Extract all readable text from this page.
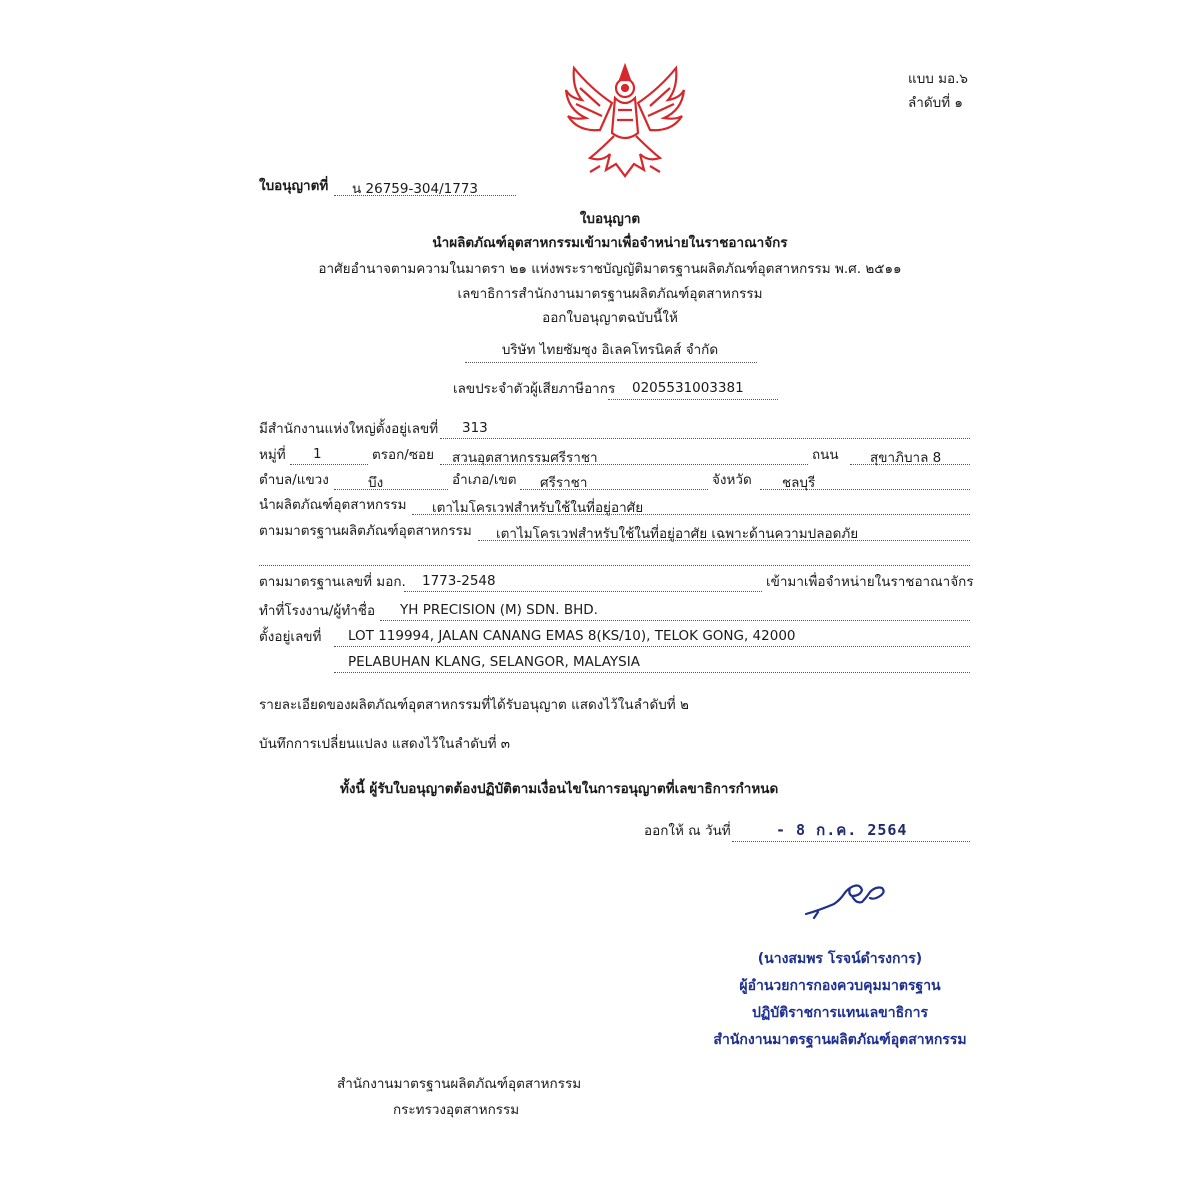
แบบ มอ.๖
ลำดับที่ ๑
ใบอนุญาตที่ น 26759-304/1773
ใบอนุญาต
นำผลิตภัณฑ์อุตสาหกรรมเข้ามาเพื่อจำหน่ายในราชอาณาจักร
อาศัยอำนาจตามความในมาตรา ๒๑ แห่งพระราชบัญญัติมาตรฐานผลิตภัณฑ์อุตสาหกรรม พ.ศ. ๒๕๑๑
เลขาธิการสำนักงานมาตรฐานผลิตภัณฑ์อุตสาหกรรม
ออกใบอนุญาตฉบับนี้ให้
บริษัท ไทยซัมซุง อิเลคโทรนิคส์ จำกัด
เลขประจำตัวผู้เสียภาษีอากร 0205531003381
มีสำนักงานแห่งใหญ่ตั้งอยู่เลขที่ 313
หมู่ที่ 1	ตรอก/ซอย สวนอุตสาหกรรมศรีราชา	ถนน สุขาภิบาล 8
ตำบล/แขวง	บึง	อำเภอ/เขต ศรีราชา	จังหวัด ชลบุรี
นำผลิตภัณฑ์อุตสาหกรรม เตาไมโครเวฟสำหรับใช้ในที่อยู่อาศัย
ตามมาตรฐานผลิตภัณฑ์อุตสาหกรรม เตาไมโครเวฟสำหรับใช้ในที่อยู่อาศัย เฉพาะด้านความปลอดภัย
ตามมาตรฐานเลขที่ มอก. 1773-2548	เข้ามาเพื่อจำหน่ายในราชอาณาจักร
ทำที่โรงงาน/ผู้ทำชื่อ YH PRECISION (M) SDN. BHD.
ตั้งอยู่เลขที่ LOT 119994, JALAN CANANG EMAS 8(KS/10), TELOK GONG, 42000
PELABUHAN KLANG, SELANGOR, MALAYSIA
รายละเอียดของผลิตภัณฑ์อุตสาหกรรมที่ได้รับอนุญาต แสดงไว้ในลำดับที่ ๒
บันทึกการเปลี่ยนแปลง แสดงไว้ในลำดับที่ ๓
ทั้งนี้ ผู้รับใบอนุญาตต้องปฏิบัติตามเงื่อนไขในการอนุญาตที่เลขาธิการกำหนด
ออกให้ ณ วันที่	- 8 ก.ค. 2564
(นางสมพร โรจน์ดำรงการ)
ผู้อำนวยการกองควบคุมมาตรฐาน
ปฏิบัติราชการแทนเลขาธิการ
สำนักงานมาตรฐานผลิตภัณฑ์อุตสาหกรรม
สำนักงานมาตรฐานผลิตภัณฑ์อุตสาหกรรม
กระทรวงอุตสาหกรรม
